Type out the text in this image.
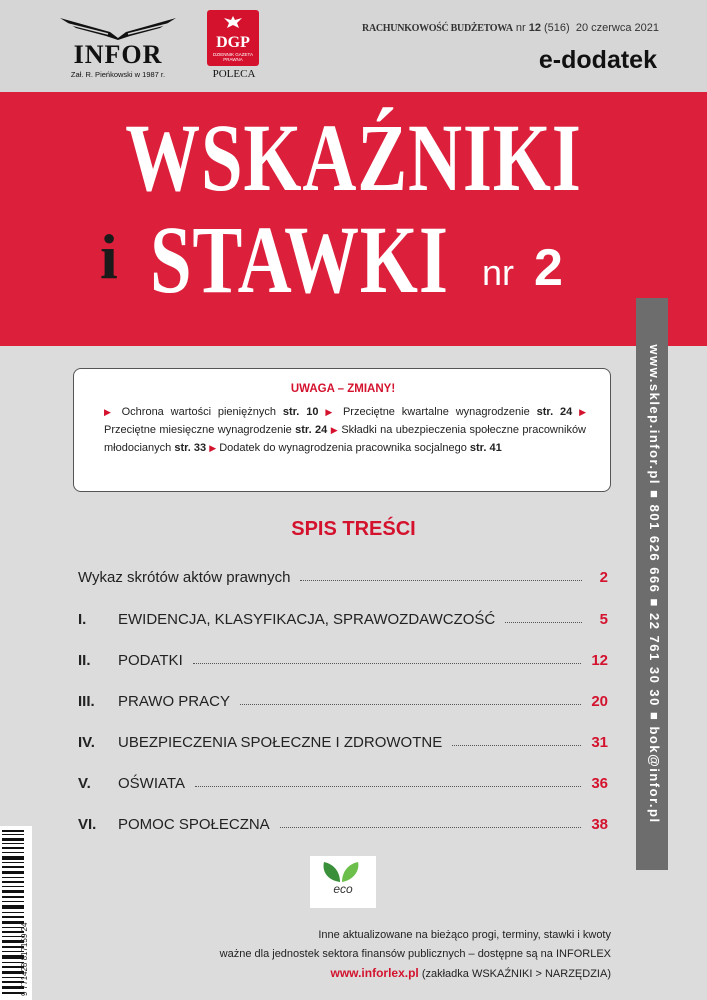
INFOR
Zał. R. Pieńkowski w 1987 r.
DGP
DZIENNIK GAZETA PRAWNA
POLECA
RACHUNKOWOŚĆ BUDŻETOWA nr 12 (516) 20 czerwca 2021
e-dodatek
WSKAŹNIKI
i STAWKI nr 2
www.sklep.infor.pl ■ 801 626 666 ■ 22 761 30 30 ■ bok@infor.pl
UWAGA – ZMIANY!
▶ Ochrona wartości pieniężnych str. 10 ▶ Przeciętne kwartalne wynagrodzenie str. 24 ▶ Przeciętne miesięczne wynagrodzenie str. 24 ▶ Składki na ubezpieczenia społeczne pracowników młodocianych str. 33 ▶ Dodatek do wynagrodzenia pracownika socjalnego str. 41
SPIS TREŚCI
Wykaz skrótów aktów prawnych	2
I.	EWIDENCJA, KLASYFIKACJA, SPRAWOZDAWCZOŚĆ	5
II.	PODATKI	12
III.	PRAWO PRACY	20
IV.	UBEZPIECZENIA SPOŁECZNE I ZDROWOTNE	31
V.	OŚWIATA	36
VI.	POMOC SPOŁECZNA	38
9 771428 817159 24
eco
Inne aktualizowane na bieżąco progi, terminy, stawki i kwoty
ważne dla jednostek sektora finansów publicznych – dostępne są na INFORLEX
www.inforlex.pl (zakładka WSKAŹNIKI > NARZĘDZIA)
